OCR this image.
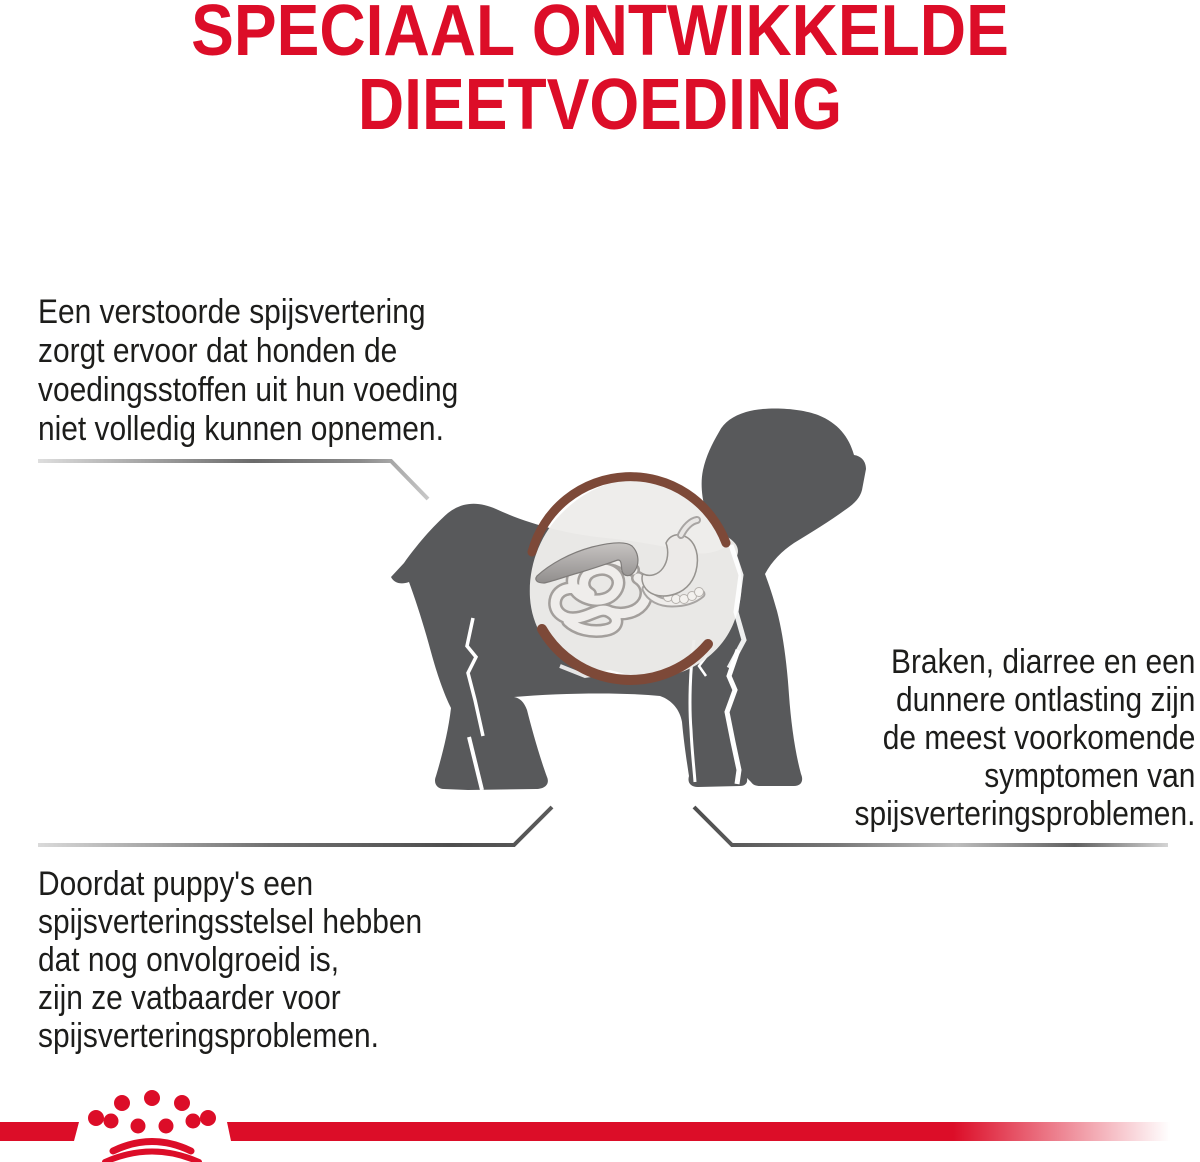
SPECIAAL ONTWIKKELDE
DIEETVOEDING
Een verstoorde spijsvertering
zorgt ervoor dat honden de
voedingsstoffen uit hun voeding
niet volledig kunnen opnemen.
Braken, diarree en een
dunnere ontlasting zijn
de meest voorkomende
symptomen van
spijsverteringsproblemen.
Doordat puppy's een
spijsverteringsstelsel hebben
dat nog onvolgroeid is,
zijn ze vatbaarder voor
spijsverteringsproblemen.
